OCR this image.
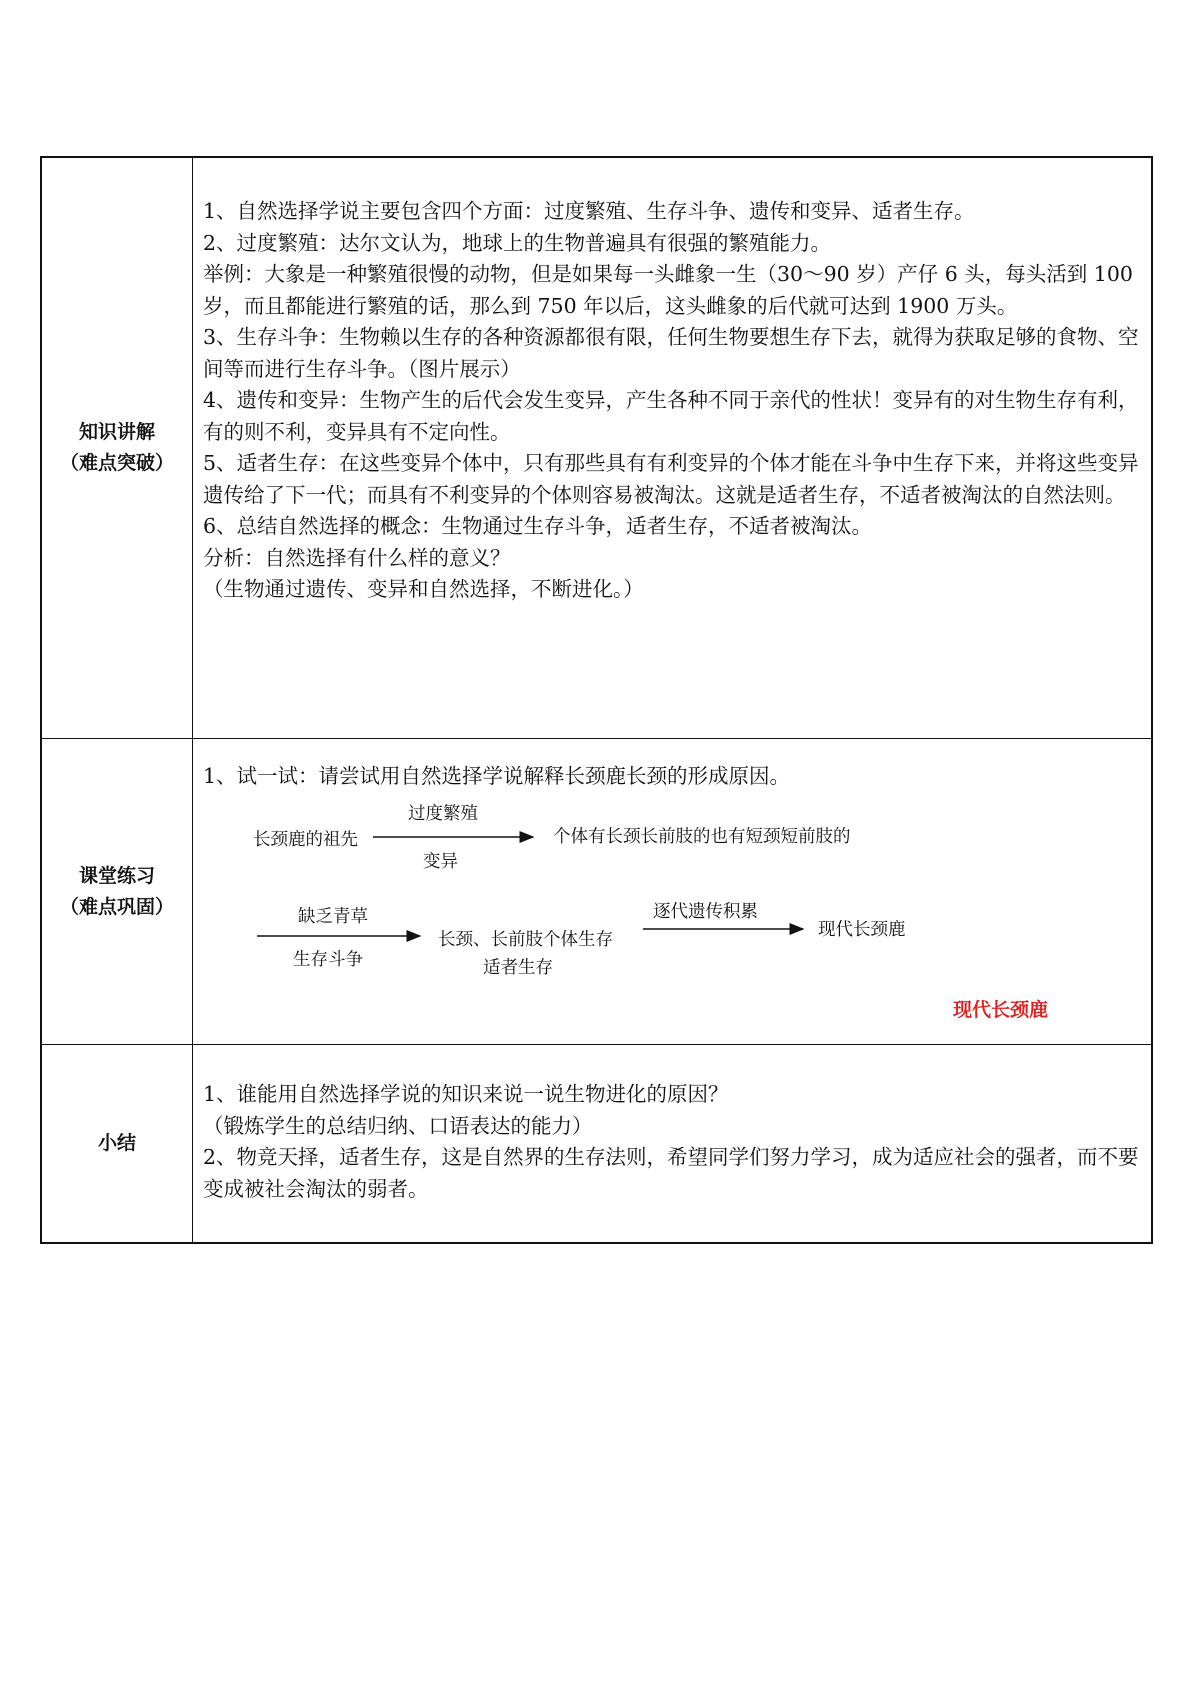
知识讲解
（难点突破）

1、自然选择学说主要包含四个方面：过度繁殖、生存斗争、遗传和变异、适者生存。

2、过度繁殖：达尔文认为，地球上的生物普遍具有很强的繁殖能力。

举例：大象是一种繁殖很慢的动物，但是如果每一头雌象一生（30～90 岁）产仔 6 头，每头活到 100 岁，而且都能进行繁殖的话，那么到 750 年以后，这头雌象的后代就可达到 1900 万头。

3、生存斗争：生物赖以生存的各种资源都很有限，任何生物要想生存下去，就得为获取足够的食物、空间等而进行生存斗争。（图片展示）

4、遗传和变异：生物产生的后代会发生变异，产生各种不同于亲代的性状！变异有的对生物生存有利，有的则不利，变异具有不定向性。

5、适者生存：在这些变异个体中，只有那些具有有利变异的个体才能在斗争中生存下来，并将这些变异遗传给了下一代；而具有不利变异的个体则容易被淘汰。这就是适者生存，不适者被淘汰的自然法则。

6、总结自然选择的概念：生物通过生存斗争，适者生存，不适者被淘汰。

分析：自然选择有什么样的意义？

（生物通过遗传、变异和自然选择，不断进化。）

课堂练习
（难点巩固）
1、试一试：请尝试用自然选择学说解释长颈鹿长颈的形成原因。
长颈鹿的祖先
过度繁殖
变异
个体有长颈长前肢的也有短颈短前肢的
缺乏青草
生存斗争
长颈、长前肢个体生存
适者生存
逐代遗传积累
现代长颈鹿
现代长颈鹿
小结

1、谁能用自然选择学说的知识来说一说生物进化的原因？

（锻炼学生的总结归纳、口语表达的能力）

2、物竞天择，适者生存，这是自然界的生存法则，希望同学们努力学习，成为适应社会的强者，而不要变成被社会淘汰的弱者。
